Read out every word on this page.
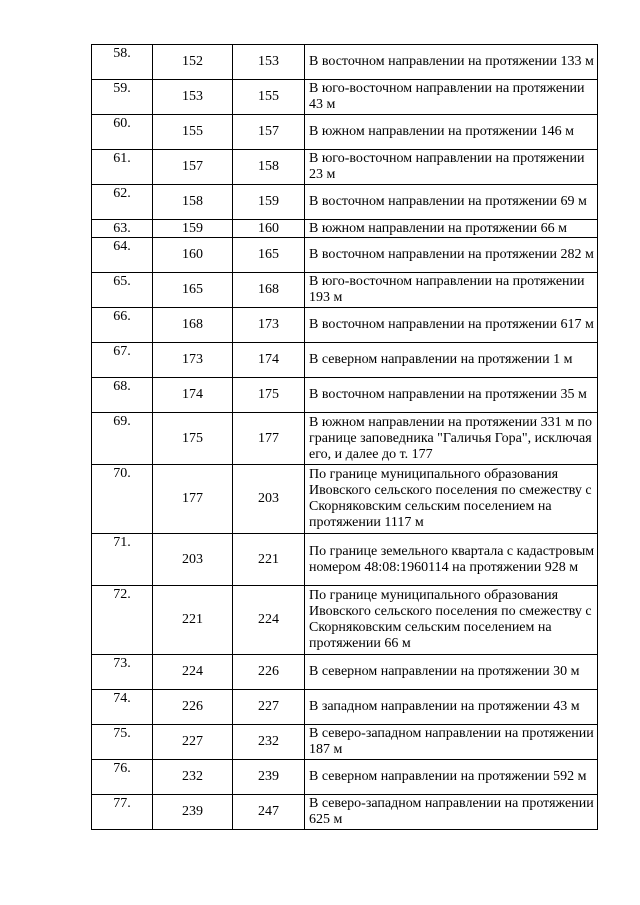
58.	152	153	В восточном направлении на протяжении 133 м
59.	153	155	В юго-восточном направлении на протяжении 43 м
60.	155	157	В южном направлении на протяжении 146 м
61.	157	158	В юго-восточном направлении на протяжении 23 м
62.	158	159	В восточном направлении на протяжении 69 м
63.	159	160	В южном направлении на протяжении 66 м
64.	160	165	В восточном направлении на протяжении 282 м
65.	165	168	В юго-восточном направлении на протяжении 193 м
66.	168	173	В восточном направлении на протяжении 617 м
67.	173	174	В северном направлении на протяжении 1 м
68.	174	175	В восточном направлении на протяжении 35 м
69.	175	177	В южном направлении на протяжении 331 м по границе заповедника "Галичья Гора", исключая его, и далее до т. 177
70.	177	203	По границе муниципального образования Ивовского сельского поселения по смежеству с Скорняковским сельским поселением на протяжении 1117 м
71.	203	221	По границе земельного квартала с кадастровым номером 48:08:1960114 на протяжении 928 м
72.	221	224	По границе муниципального образования Ивовского сельского поселения по смежеству с Скорняковским сельским поселением на протяжении 66 м
73.	224	226	В северном направлении на протяжении 30 м
74.	226	227	В западном направлении на протяжении 43 м
75.	227	232	В северо-западном направлении на протяжении 187 м
76.	232	239	В северном направлении на протяжении 592 м
77.	239	247	В северо-западном направлении на протяжении 625 м
